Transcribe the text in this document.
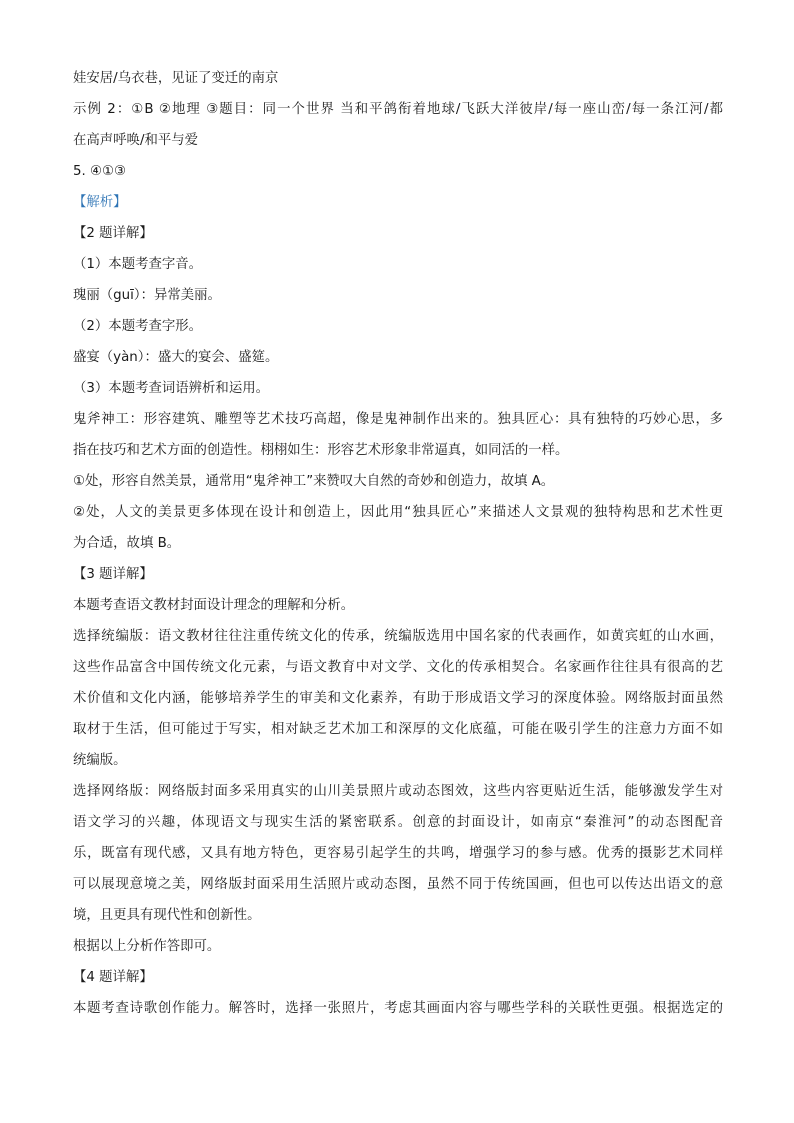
娃安居/乌衣巷，见证了变迁的南京
示例 2：①B ②地理 ③题目：同一个世界 当和平鸽衔着地球/飞跃大洋彼岸/每一座山峦/每一条江河/都
在高声呼唤/和平与爱
5. ④①③
【解析】
【2 题详解】
（1）本题考查字音。
瑰丽（guī）：异常美丽。
（2）本题考查字形。
盛宴（yàn）：盛大的宴会、盛筵。
（3）本题考查词语辨析和运用。
鬼斧神工：形容建筑、雕塑等艺术技巧高超，像是鬼神制作出来的。独具匠心：具有独特的巧妙心思，多
指在技巧和艺术方面的创造性。栩栩如生：形容艺术形象非常逼真，如同活的一样。
①处，形容自然美景，通常用“鬼斧神工”来赞叹大自然的奇妙和创造力，故填 A。
②处，人文的美景更多体现在设计和创造上，因此用“独具匠心”来描述人文景观的独特构思和艺术性更
为合适，故填 B。
【3 题详解】
本题考查语文教材封面设计理念的理解和分析。
选择统编版：语文教材往往注重传统文化的传承，统编版选用中国名家的代表画作，如黄宾虹的山水画，
这些作品富含中国传统文化元素，与语文教育中对文学、文化的传承相契合。名家画作往往具有很高的艺
术价值和文化内涵，能够培养学生的审美和文化素养，有助于形成语文学习的深度体验。网络版封面虽然
取材于生活，但可能过于写实，相对缺乏艺术加工和深厚的文化底蕴，可能在吸引学生的注意力方面不如
统编版。
选择网络版：网络版封面多采用真实的山川美景照片或动态图效，这些内容更贴近生活，能够激发学生对
语文学习的兴趣，体现语文与现实生活的紧密联系。创意的封面设计，如南京“秦淮河”的动态图配音
乐，既富有现代感，又具有地方特色，更容易引起学生的共鸣，增强学习的参与感。优秀的摄影艺术同样
可以展现意境之美，网络版封面采用生活照片或动态图，虽然不同于传统国画，但也可以传达出语文的意
境，且更具有现代性和创新性。
根据以上分析作答即可。
【4 题详解】
本题考查诗歌创作能力。解答时，选择一张照片，考虑其画面内容与哪些学科的关联性更强。根据选定的
